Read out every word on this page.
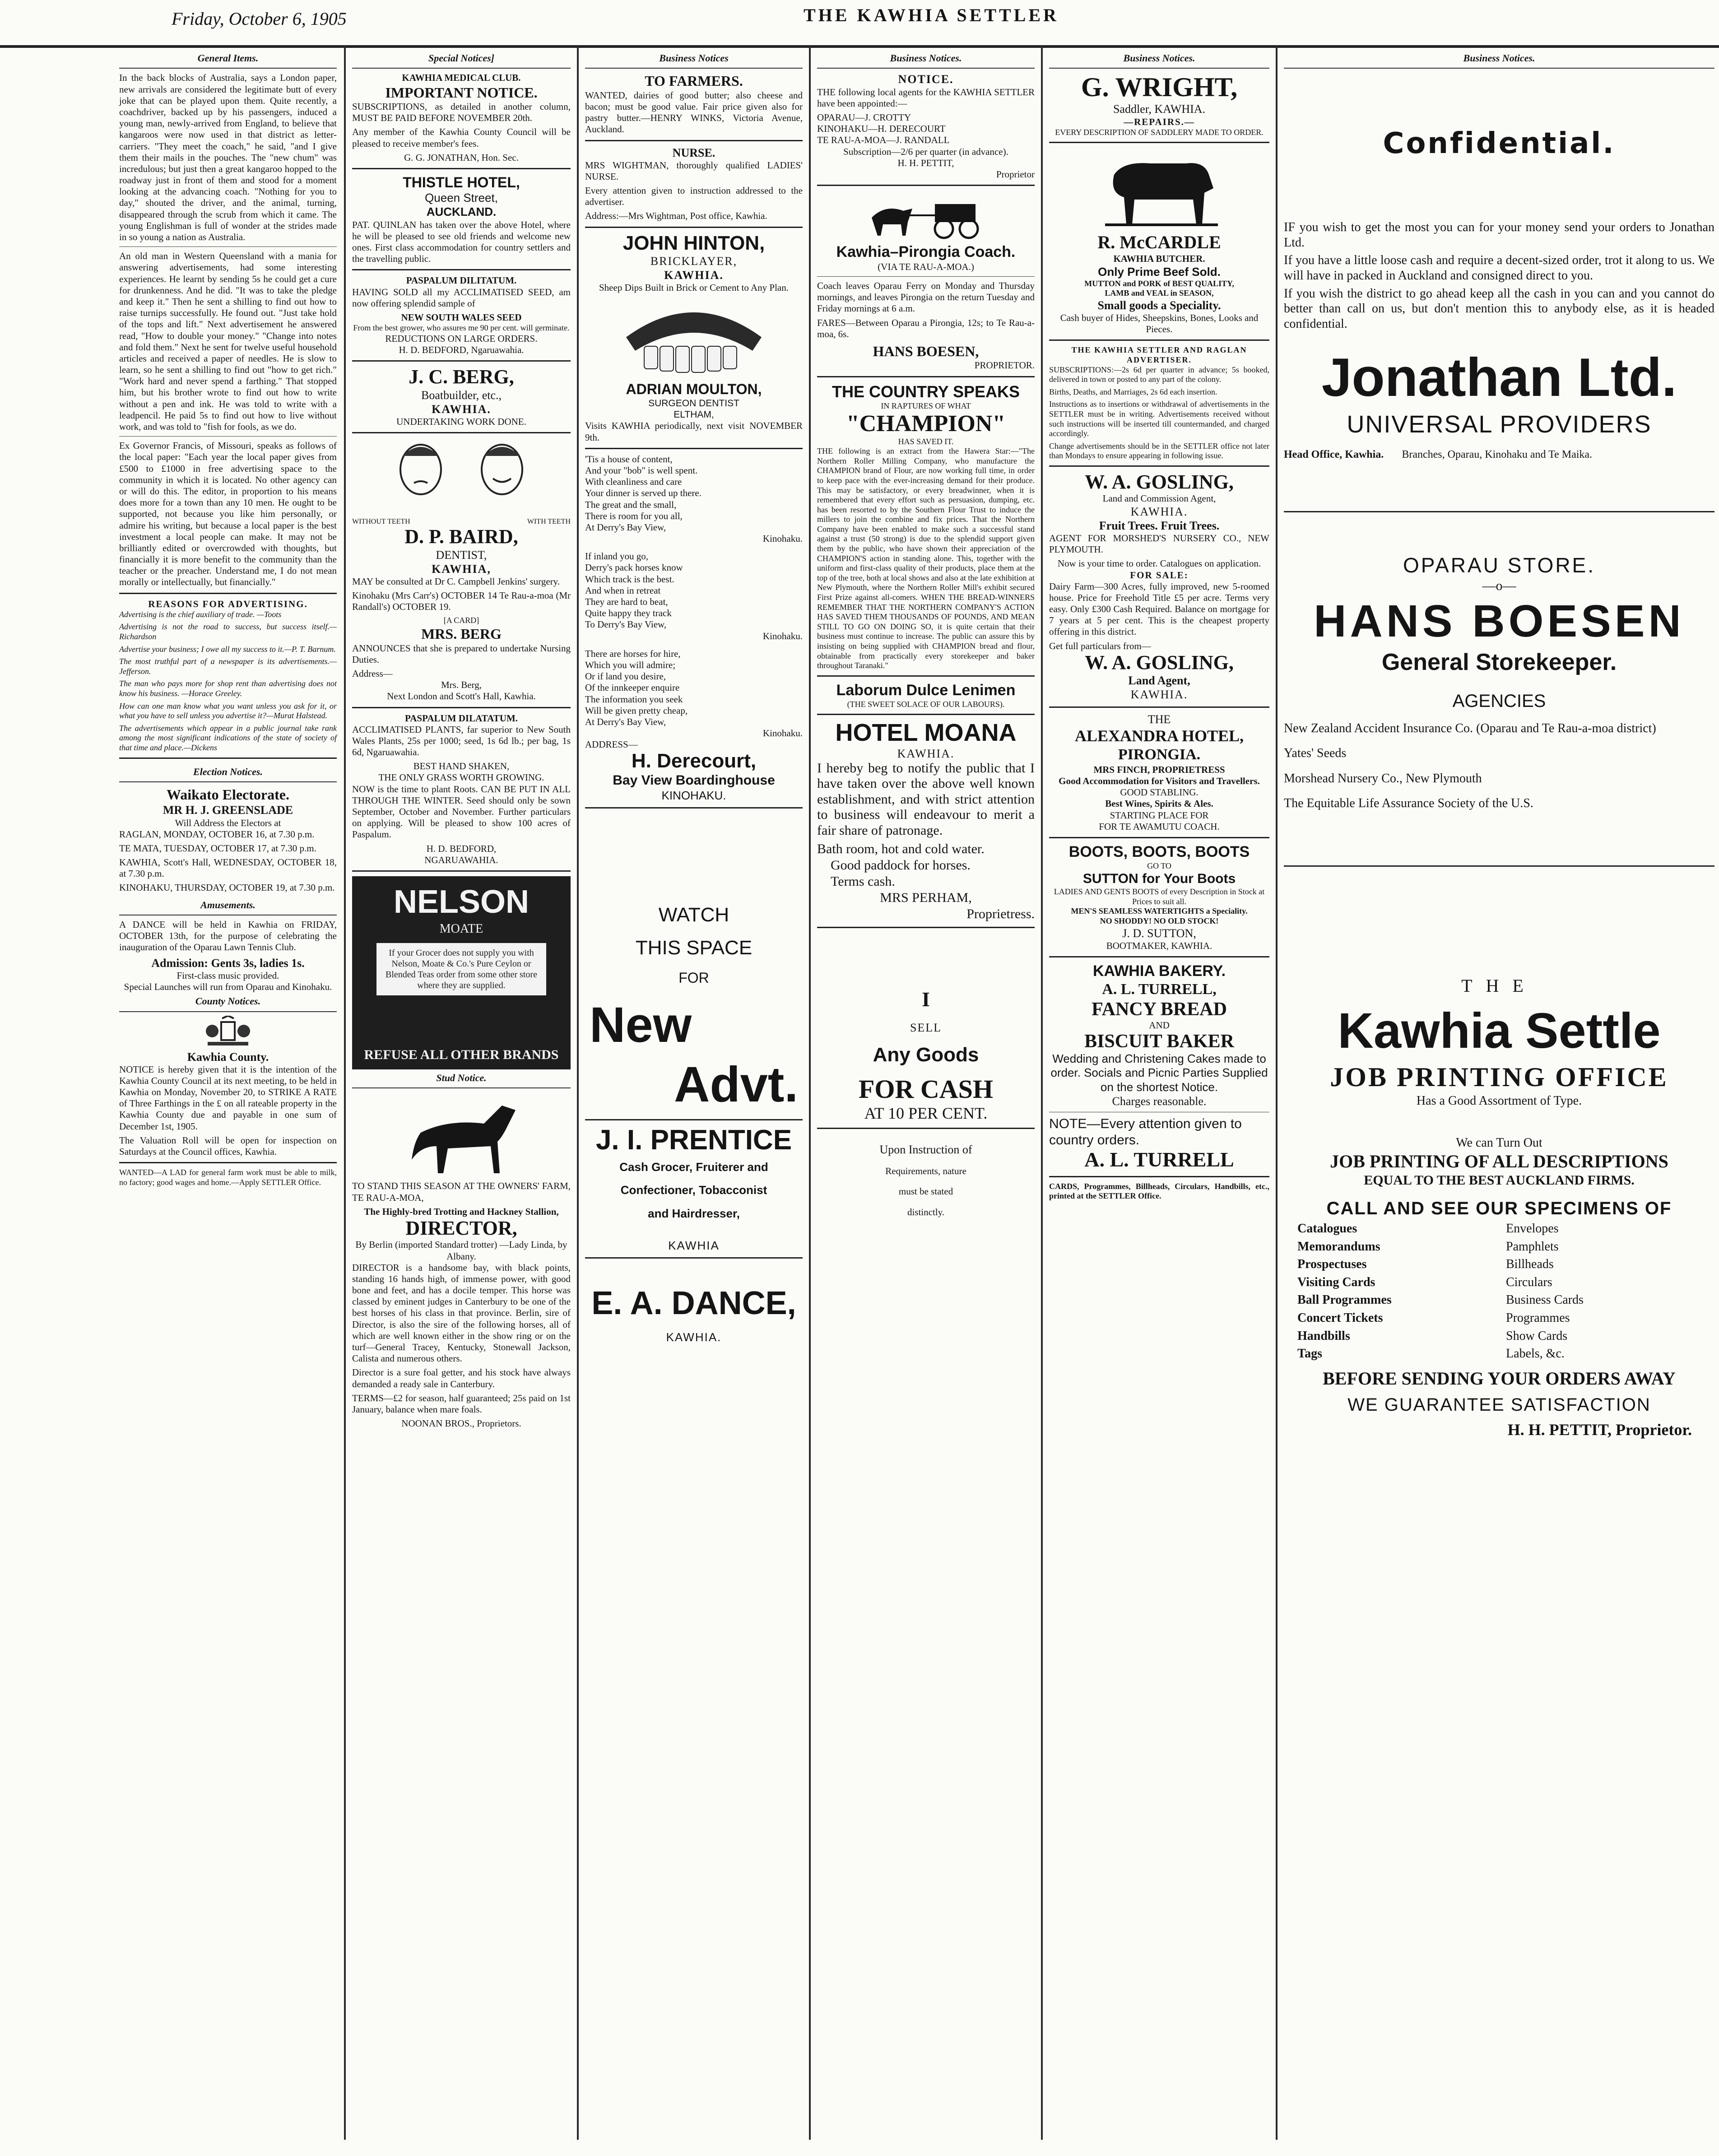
Friday, October 6, 1905	THE KAWHIA SETTLER
General Items.

In the back blocks of Australia, says a London paper, new arrivals are considered the legitimate butt of every joke that can be played upon them. Quite recently, a coachdriver, backed up by his passengers, induced a young man, newly-arrived from England, to believe that kangaroos were now used in that district as letter-carriers. "They meet the coach," he said, "and I give them their mails in the pouches. The "new chum" was incredulous; but just then a great kangaroo hopped to the roadway just in front of them and stood for a moment looking at the advancing coach. "Nothing for you to day," shouted the driver, and the animal, turning, disappeared through the scrub from which it came. The young Englishman is full of wonder at the strides made in so young a nation as Australia.

An old man in Western Queensland with a mania for answering advertisements, had some interesting experiences. He learnt by sending 5s he could get a cure for drunkenness. And he did. "It was to take the pledge and keep it." Then he sent a shilling to find out how to raise turnips successfully. He found out. "Just take hold of the tops and lift." Next advertisement he answered read, "How to double your money." "Change into notes and fold them." Next he sent for twelve useful household articles and received a paper of needles. He is slow to learn, so he sent a shilling to find out "how to get rich." "Work hard and never spend a farthing." That stopped him, but his brother wrote to find out how to write without a pen and ink. He was told to write with a leadpencil. He paid 5s to find out how to live without work, and was told to "fish for fools, as we do.

Ex Governor Francis, of Missouri, speaks as follows of the local paper: "Each year the local paper gives from £500 to £1000 in free advertising space to the community in which it is located. No other agency can or will do this. The editor, in proportion to his means does more for a town than any 10 men. He ought to be supported, not because you like him personally, or admire his writing, but because a local paper is the best investment a local people can make. It may not be brilliantly edited or overcrowded with thoughts, but financially it is more benefit to the community than the teacher or the preacher. Understand me, I do not mean morally or intellectually, but financially."

REASONS FOR ADVERTISING.

Advertising is the chief auxiliary of trade. —Toots

Advertising is not the road to success, but success itself.—Richardson

Advertise your business; I owe all my success to it.—P. T. Barnum.

The most truthful part of a newspaper is its advertisements.—Jefferson.

The man who pays more for shop rent than advertising does not know his business. —Horace Greeley.

How can one man know what you want unless you ask for it, or what you have to sell unless you advertise it?—Murat Halstead.

The advertisements which appear in a public journal take rank among the most significant indications of the state of society of that time and place.—Dickens

Election Notices.
Waikato Electorate.
MR H. J. GREENSLADE
Will Address the Electors at

RAGLAN, MONDAY, OCTOBER 16, at 7.30 p.m.

TE MATA, TUESDAY, OCTOBER 17, at 7.30 p.m.

KAWHIA, Scott's Hall, WEDNESDAY, OCTOBER 18, at 7.30 p.m.

KINOHAKU, THURSDAY, OCTOBER 19, at 7.30 p.m.

Amusements.

A DANCE will be held in Kawhia on FRIDAY, OCTOBER 13th, for the purpose of celebrating the inauguration of the Oparau Lawn Tennis Club.

Admission: Gents 3s, ladies 1s.
First-class music provided.
Special Launches will run from Oparau and Kinohaku.
County Notices.
Kawhia County.

NOTICE is hereby given that it is the intention of the Kawhia County Council at its next meeting, to be held in Kawhia on Monday, November 20, to STRIKE A RATE of Three Farthings in the £ on all rateable property in the Kawhia County due and payable in one sum of December 1st, 1905.

The Valuation Roll will be open for inspection on Saturdays at the Council offices, Kawhia.

WANTED—A LAD for general farm work must be able to milk, no factory; good wages and home.—Apply SETTLER Office.

Special Notices]
KAWHIA MEDICAL CLUB.
IMPORTANT NOTICE.

SUBSCRIPTIONS, as detailed in another column, MUST BE PAID BEFORE NOVEMBER 20th.

Any member of the Kawhia County Council will be pleased to receive member's fees.

G. G. JONATHAN, Hon. Sec.
THISTLE HOTEL,
Queen Street,
AUCKLAND.

PAT. QUINLAN has taken over the above Hotel, where he will be pleased to see old friends and welcome new ones. First class accommodation for country settlers and the travelling public.

PASPALUM DILITATUM.

HAVING SOLD all my ACCLIMATISED SEED, am now offering splendid sample of

NEW SOUTH WALES SEED
From the best grower, who assures me 90 per cent. will germinate.
REDUCTIONS ON LARGE ORDERS.
H. D. BEDFORD, Ngaruawahia.
J. C. BERG,
Boatbuilder, etc.,
KAWHIA.
UNDERTAKING WORK DONE.
WITHOUT TEETH	WITH TEETH
D. P. BAIRD,
DENTIST,
KAWHIA,

MAY be consulted at Dr C. Campbell Jenkins' surgery.

Kinohaku (Mrs Carr's) OCTOBER 14 Te Rau-a-moa (Mr Randall's) OCTOBER 19.

[A CARD]
MRS. BERG

ANNOUNCES that she is prepared to undertake Nursing Duties.

Address—
Mrs. Berg,
Next London and Scott's Hall, Kawhia.
PASPALUM DILATATUM.

ACCLIMATISED PLANTS, far superior to New South Wales Plants, 25s per 1000; seed, 1s 6d lb.; per bag, 1s 6d, Ngaruawahia.

BEST HAND SHAKEN,
THE ONLY GRASS WORTH GROWING.

NOW is the time to plant Roots. CAN BE PUT IN ALL THROUGH THE WINTER. Seed should only be sown September, October and November. Further particulars on applying. Will be pleased to show 100 acres of Paspalum.

H. D. BEDFORD,
NGARUAWAHIA.
NELSON
MOATE
If your Grocer does not supply you with Nelson, Moate & Co.'s Pure Ceylon or Blended Teas order from some other store where they are supplied.
REFUSE ALL OTHER BRANDS
Stud Notice.

TO STAND THIS SEASON AT THE OWNERS' FARM, TE RAU-A-MOA,

The Highly-bred Trotting and Hackney Stallion,
DIRECTOR,
By Berlin (imported Standard trotter) —Lady Linda, by Albany.

DIRECTOR is a handsome bay, with black points, standing 16 hands high, of immense power, with good bone and feet, and has a docile temper. This horse was classed by eminent judges in Canterbury to be one of the best horses of his class in that province. Berlin, sire of Director, is also the sire of the following horses, all of which are well known either in the show ring or on the turf—General Tracey, Kentucky, Stonewall Jackson, Calista and numerous others.

Director is a sure foal getter, and his stock have always demanded a ready sale in Canterbury.

TERMS—£2 for season, half guaranteed; 25s paid on 1st January, balance when mare foals.

NOONAN BROS., Proprietors.
Business Notices
TO FARMERS.

WANTED, dairies of good butter; also cheese and bacon; must be good value. Fair price given also for pastry butter.—HENRY WINKS, Victoria Avenue, Auckland.

NURSE.

MRS WIGHTMAN, thoroughly qualified LADIES' NURSE.

Every attention given to instruction addressed to the advertiser.

Address:—Mrs Wightman, Post office, Kawhia.

JOHN HINTON,
BRICKLAYER,
KAWHIA.
Sheep Dips Built in Brick or Cement to Any Plan.
ADRIAN MOULTON,
SURGEON DENTIST
ELTHAM,

Visits KAWHIA periodically, next visit NOVEMBER 9th.

'Tis a house of content,
And your "bob" is well spent.
With cleanliness and care
Your dinner is served up there.
The great and the small,
There is room for you all,
At Derry's Bay View,
Kinohaku.
If inland you go,
Derry's pack horses know
Which track is the best.
And when in retreat
They are hard to beat,
Quite happy they track
To Derry's Bay View,
Kinohaku.
There are horses for hire,
Which you will admire;
Or if land you desire,
Of the innkeeper enquire
The information you seek
Will be given pretty cheap,
At Derry's Bay View,
Kinohaku.
ADDRESS—
H. Derecourt,
Bay View Boardinghouse
KINOHAKU.
WATCH
THIS SPACE
FOR
New
Advt.
J. I. PRENTICE
Cash Grocer, Fruiterer and
Confectioner, Tobacconist
and Hairdresser,
KAWHIA
E. A. DANCE,
KAWHIA.
Business Notices.
NOTICE.

THE following local agents for the KAWHIA SETTLER have been appointed:—

OPARAU—J. CROTTY
KINOHAKU—H. DERECOURT
TE RAU-A-MOA—J. RANDALL
Subscription—2/6 per quarter (in advance).
H. H. PETTIT,
Proprietor
Kawhia–Pirongia Coach.
(VIA TE RAU-A-MOA.)

Coach leaves Oparau Ferry on Monday and Thursday mornings, and leaves Pirongia on the return Tuesday and Friday mornings at 6 a.m.

FARES—Between Oparau a Pirongia, 12s; to Te Rau-a-moa, 6s.

HANS BOESEN,
PROPRIETOR.
THE COUNTRY SPEAKS
IN RAPTURES OF WHAT
"CHAMPION"
HAS SAVED IT.

THE following is an extract from the Hawera Star:—"The Northern Roller Milling Company, who manufacture the CHAMPION brand of Flour, are now working full time, in order to keep pace with the ever-increasing demand for their produce. This may be satisfactory, or every breadwinner, when it is remembered that every effort such as persuasion, dumping, etc. has been resorted to by the Southern Flour Trust to induce the millers to join the combine and fix prices. That the Northern Company have been enabled to make such a successful stand against a trust (50 strong) is due to the splendid support given them by the public, who have shown their appreciation of the CHAMPION'S action in standing alone. This, together with the uniform and first-class quality of their products, place them at the top of the tree, both at local shows and also at the late exhibition at New Plymouth, where the Northern Roller Mill's exhibit secured First Prize against all-comers. WHEN THE BREAD-WINNERS REMEMBER THAT THE NORTHERN COMPANY'S ACTION HAS SAVED THEM THOUSANDS OF POUNDS, AND MEAN STILL TO GO ON DOING SO, it is quite certain that their business must continue to increase. The public can assure this by insisting on being supplied with CHAMPION bread and flour, obtainable from practically every storekeeper and baker throughout Taranaki."

Laborum Dulce Lenimen
(THE SWEET SOLACE OF OUR LABOURS).
HOTEL MOANA
KAWHIA.

I hereby beg to notify the public that I have taken over the above well known establishment, and with strict attention to business will endeavour to merit a fair share of patronage.

Bath room, hot and cold water.
Good paddock for horses.
Terms cash.
MRS PERHAM,
Proprietress.
I
SELL
Any Goods
FOR CASH
AT 10 PER CENT.
Upon Instruction of
Requirements, nature
must be stated
distinctly.
Business Notices.
G. WRIGHT,
Saddler, KAWHIA.
—REPAIRS.—
EVERY DESCRIPTION OF SADDLERY MADE TO ORDER.
R. McCARDLE
KAWHIA BUTCHER.
Only Prime Beef Sold.
MUTTON and PORK of BEST QUALITY,
LAMB and VEAL in SEASON,
Small goods a Speciality.
Cash buyer of Hides, Sheepskins, Bones, Looks and Pieces.
THE KAWHIA SETTLER AND RAGLAN ADVERTISER.

SUBSCRIPTIONS:—2s 6d per quarter in advance; 5s booked, delivered in town or posted to any part of the colony.

Births, Deaths, and Marriages, 2s 6d each insertion.

Instructions as to insertions or withdrawal of advertisements in the SETTLER must be in writing. Advertisements received without such instructions will be inserted till countermanded, and charged accordingly.

Change advertisements should be in the SETTLER office not later than Mondays to ensure appearing in following issue.

W. A. GOSLING,
Land and Commission Agent,
KAWHIA.
Fruit Trees. Fruit Trees.

AGENT FOR MORSHED'S NURSERY CO., NEW PLYMOUTH.

Now is your time to order. Catalogues on application.
FOR SALE:

Dairy Farm—300 Acres, fully improved, new 5-roomed house. Price for Freehold Title £5 per acre. Terms very easy. Only £300 Cash Required. Balance on mortgage for 7 years at 5 per cent. This is the cheapest property offering in this district.

Get full particulars from—
W. A. GOSLING,
Land Agent,
KAWHIA.
THE
ALEXANDRA HOTEL,
PIRONGIA.
MRS FINCH, PROPRIETRESS
Good Accommodation for Visitors and Travellers.
GOOD STABLING.
Best Wines, Spirits & Ales.
STARTING PLACE FOR
FOR TE AWAMUTU COACH.
BOOTS, BOOTS, BOOTS
GO TO
SUTTON for Your Boots
LADIES AND GENTS BOOTS of every Description in Stock at Prices to suit all.
MEN'S SEAMLESS WATERTIGHTS a Speciality.
NO SHODDY! NO OLD STOCK!
J. D. SUTTON,
BOOTMAKER, KAWHIA.
KAWHIA BAKERY.
A. L. TURRELL,
FANCY BREAD
AND
BISCUIT BAKER
Wedding and Christening Cakes made to order. Socials and Picnic Parties Supplied on the shortest Notice.
Charges reasonable.
NOTE—Every attention given to country orders.
A. L. TURRELL

CARDS, Programmes, Billheads, Circulars, Handbills, etc., printed at the SETTLER Office.

Business Notices.
Confidential.

IF you wish to get the most you can for your money send your orders to Jonathan Ltd.

If you have a little loose cash and require a decent-sized order, trot it along to us. We will have in packed in Auckland and consigned direct to you.

If you wish the district to go ahead keep all the cash in you can and you cannot do better than call on us, but don't mention this to anybody else, as it is headed confidential.

Jonathan Ltd.
UNIVERSAL PROVIDERS
Head Office, Kawhia. Branches, Oparau, Kinohaku and Te Maika.
OPARAU STORE.
—o—
HANS BOESEN
General Storekeeper.
AGENCIES
New Zealand Accident Insurance Co. (Oparau and Te Rau-a-moa district)
Yates' Seeds
Morshead Nursery Co., New Plymouth
The Equitable Life Assurance Society of the U.S.
THE
Kawhia Settle
JOB PRINTING OFFICE
Has a Good Assortment of Type.
We can Turn Out
JOB PRINTING OF ALL DESCRIPTIONS
EQUAL TO THE BEST AUCKLAND FIRMS.
CALL AND SEE OUR SPECIMENS OF
Catalogues	Envelopes
Memorandums	Pamphlets
Prospectuses	Billheads
Visiting Cards	Circulars
Ball Programmes	Business Cards
Concert Tickets	Programmes
Handbills	Show Cards
Tags	Labels, &c.
BEFORE SENDING YOUR ORDERS AWAY
WE GUARANTEE SATISFACTION
H. H. PETTIT, Proprietor.
